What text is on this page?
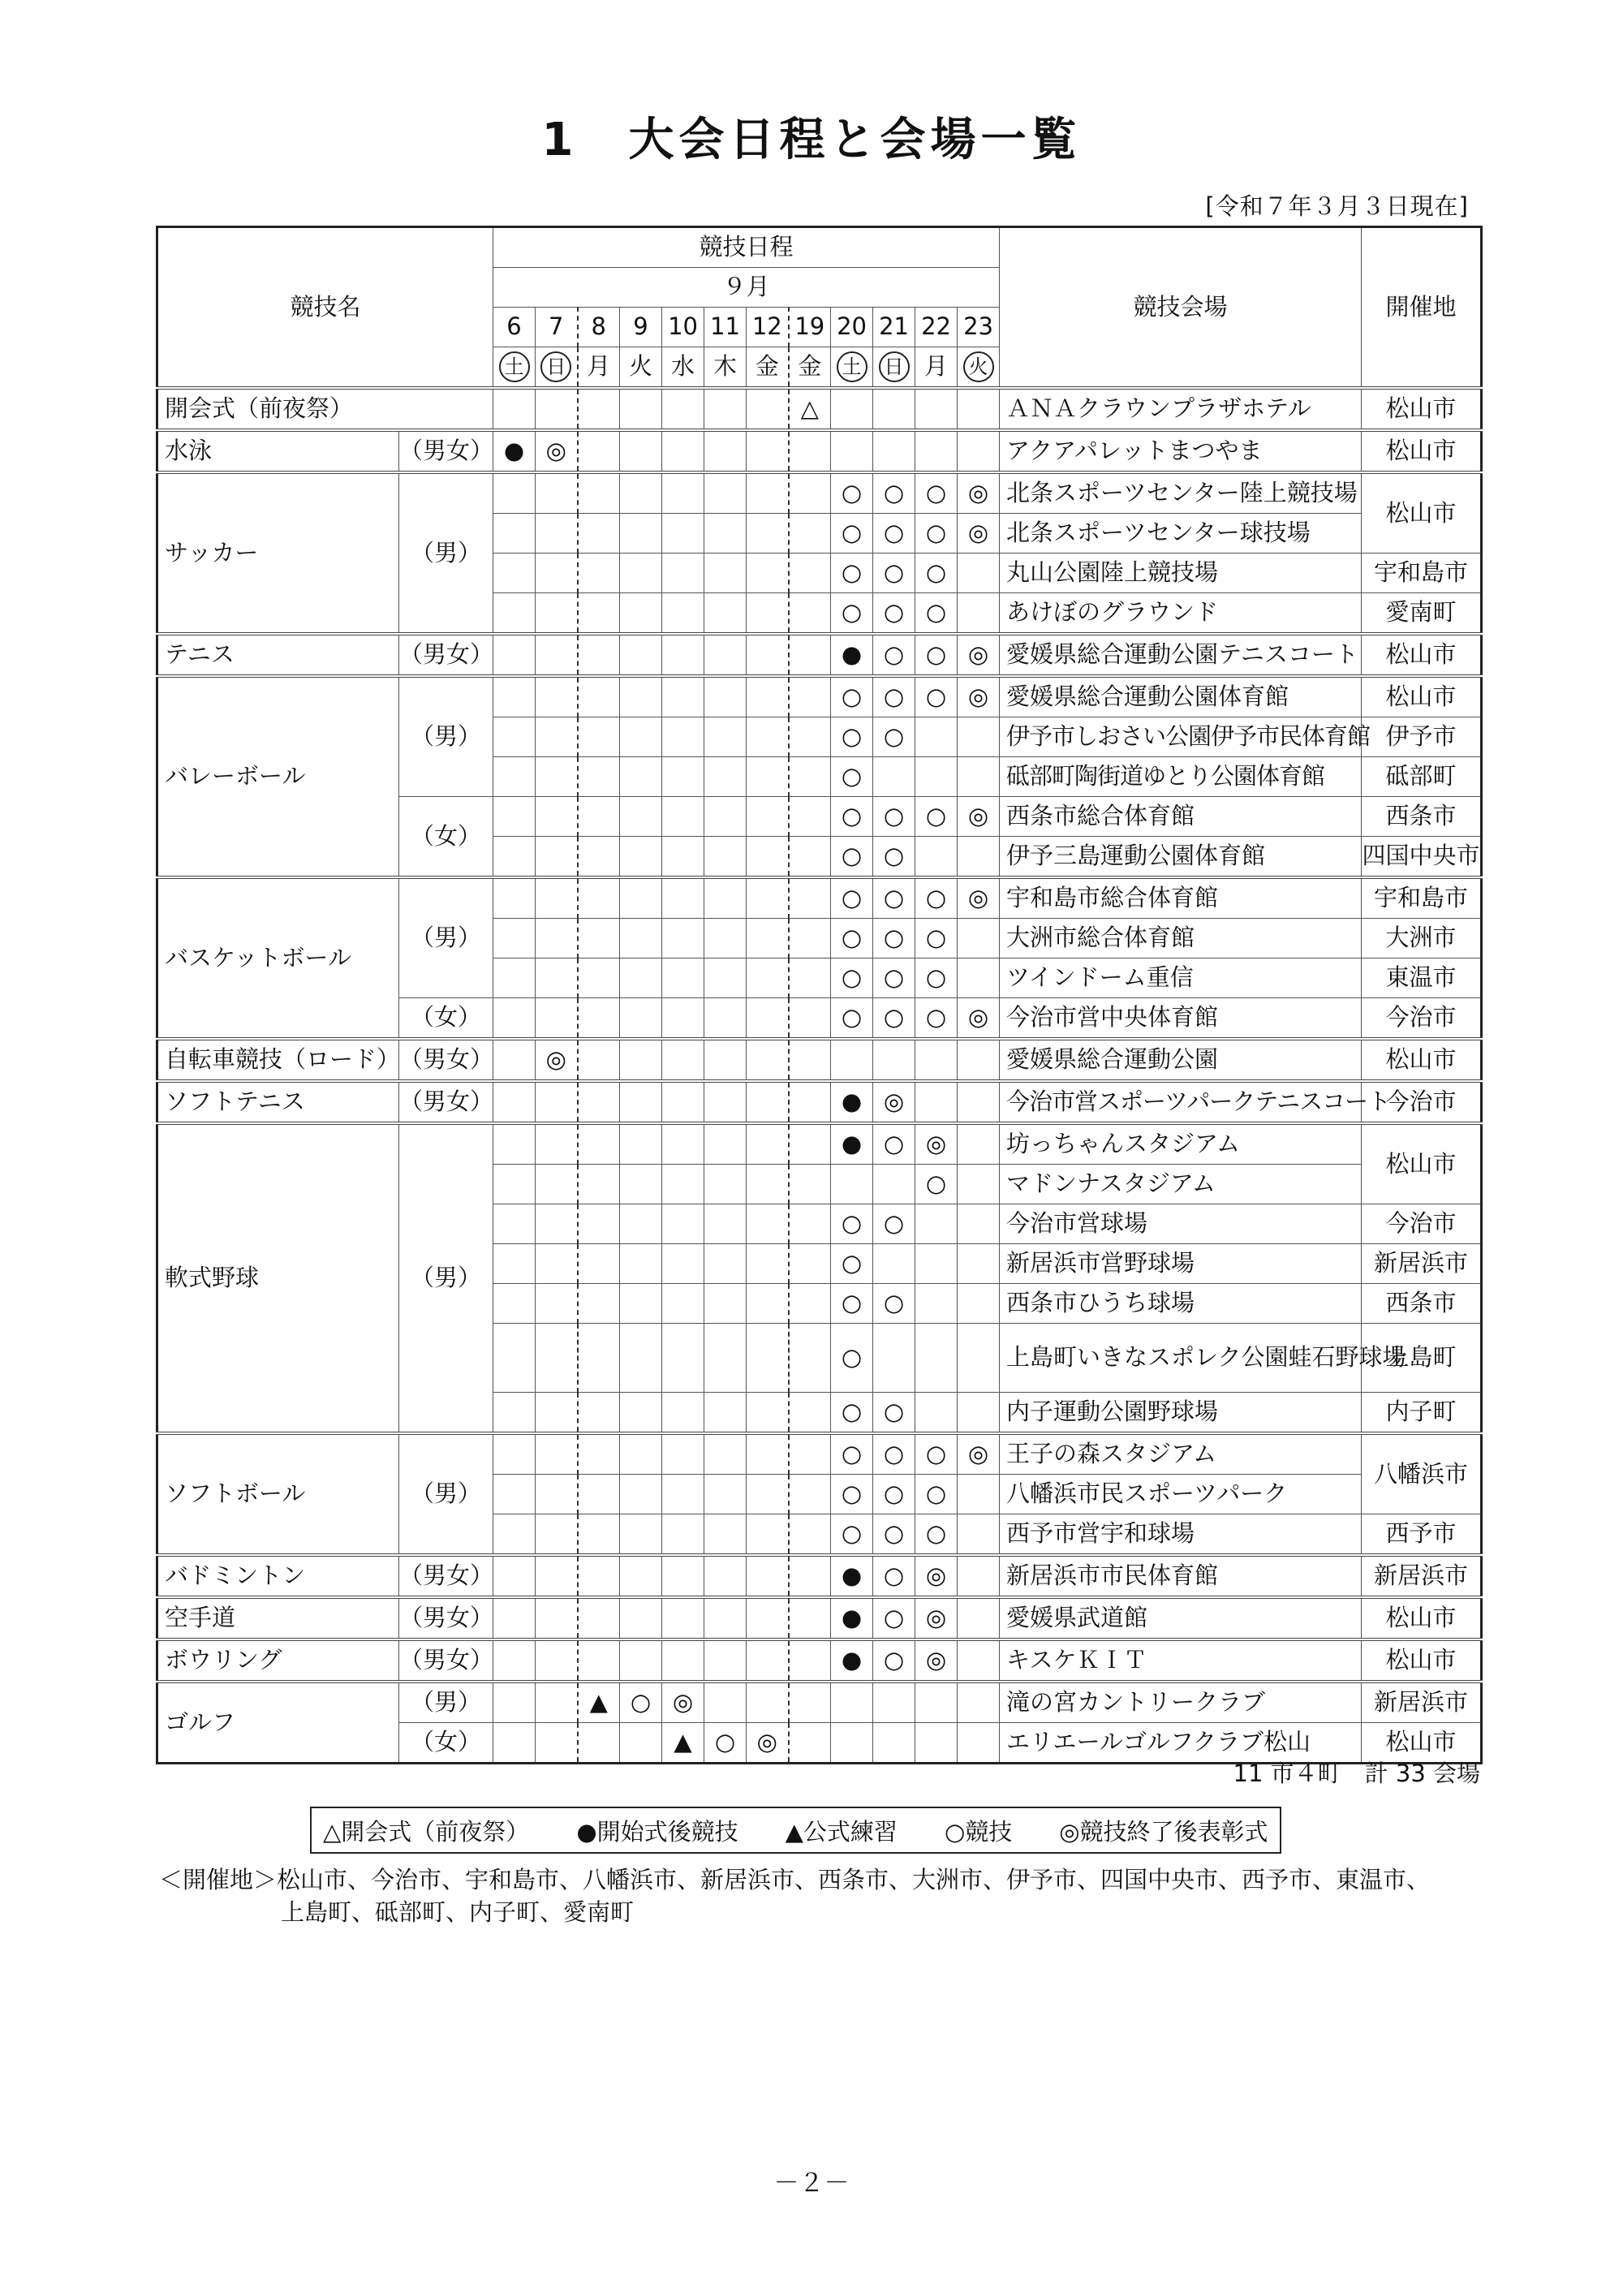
1　大会日程と会場一覧
[令和７年３月３日現在]
競技名		競技日程												競技会場	開催地
		９月													
		6	7	8	9	10	11	12	19	20	21	22	23		
		土	日	月	火	水	木	金	金	土	日	月	火		
開会式（前夜祭）									△					ＡＮＡクラウンプラザホテル	松山市
水泳	（男女）	●	◎											アクアパレットまつやま	松山市
サッカー	（男）									○	○	○	◎	北条スポーツセンター陸上競技場	松山市
										○	○	○	◎	北条スポーツセンター球技場	
										○	○	○		丸山公園陸上競技場	宇和島市
										○	○	○		あけぼのグラウンド	愛南町
テニス	（男女）									●	○	○	◎	愛媛県総合運動公園テニスコート	松山市
バレーボール	（男）									○	○	○	◎	愛媛県総合運動公園体育館	松山市
										○	○			伊予市しおさい公園伊予市民体育館	伊予市
										○				砥部町陶街道ゆとり公園体育館	砥部町
	（女）									○	○	○	◎	西条市総合体育館	西条市
										○	○			伊予三島運動公園体育館	四国中央市
バスケットボール	（男）									○	○	○	◎	宇和島市総合体育館	宇和島市
										○	○	○		大洲市総合体育館	大洲市
										○	○	○		ツインドーム重信	東温市
	（女）									○	○	○	◎	今治市営中央体育館	今治市
自転車競技（ロード）	（男女）		◎											愛媛県総合運動公園	松山市
ソフトテニス	（男女）									●	◎			今治市営スポーツパークテニスコート	今治市
軟式野球	（男）									●	○	◎		坊っちゃんスタジアム	松山市
												○		マドンナスタジアム	
										○	○			今治市営球場	今治市
										○				新居浜市営野球場	新居浜市
										○	○			西条市ひうち球場	西条市
										○				上島町いきなスポレク公園蛙石野球場	上島町
										○	○			内子運動公園野球場	内子町
ソフトボール	（男）									○	○	○	◎	王子の森スタジアム	八幡浜市
										○	○	○		八幡浜市民スポーツパーク	
										○	○	○		西予市営宇和球場	西予市
バドミントン	（男女）									●	○	◎		新居浜市市民体育館	新居浜市
空手道	（男女）									●	○	◎		愛媛県武道館	松山市
ボウリング	（男女）									●	○	◎		キスケＫＩＴ	松山市
ゴルフ	（男）			▲	○	◎								滝の宮カントリークラブ	新居浜市
	（女）					▲	○	◎						エリエールゴルフクラブ松山	松山市
11 市４町　計 33 会場
△開会式（前夜祭） ●開始式後競技 ▲公式練習 ○競技 ◎競技終了後表彰式
＜開催地＞松山市、今治市、宇和島市、八幡浜市、新居浜市、西条市、大洲市、伊予市、四国中央市、西予市、東温市、
上島町、砥部町、内子町、愛南町
－２－
